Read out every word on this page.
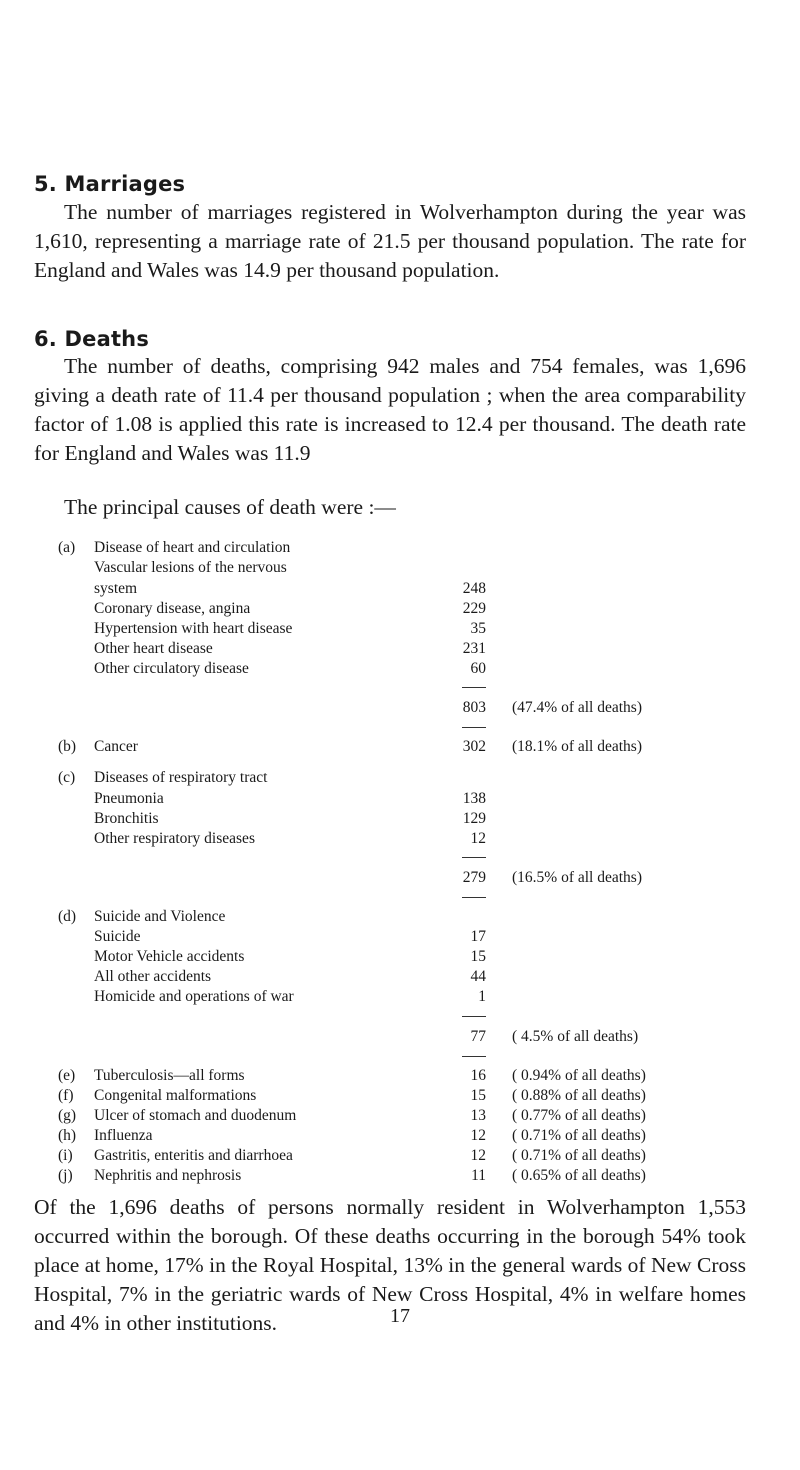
5. Marriages
The number of marriages registered in Wolverhampton during the year was 1,610, representing a marriage rate of 21.5 per thousand population. The rate for England and Wales was 14.9 per thousand population.
6. Deaths
The number of deaths, comprising 942 males and 754 females, was 1,696 giving a death rate of 11.4 per thousand population ; when the area comparability factor of 1.08 is applied this rate is increased to 12.4 per thousand. The death rate for England and Wales was 11.9
The principal causes of death were :—
(a) Disease of heart and circulation
Vascular lesions of the nervous
system	248
Coronary disease, angina	229
Hypertension with heart disease	35
Other heart disease	231
Other circulatory disease	60
803 (47.4% of all deaths)
(b) Cancer	302 (18.1% of all deaths)
(c) Diseases of respiratory tract
Pneumonia	138
Bronchitis	129
Other respiratory diseases	12
279 (16.5% of all deaths)
(d) Suicide and Violence
Suicide	17
Motor Vehicle accidents	15
All other accidents	44
Homicide and operations of war	1
77 ( 4.5% of all deaths)
(e) Tuberculosis—all forms	16 ( 0.94% of all deaths)
(f) Congenital malformations	15 ( 0.88% of all deaths)
(g) Ulcer of stomach and duodenum	13 ( 0.77% of all deaths)
(h) Influenza	12 ( 0.71% of all deaths)
(i) Gastritis, enteritis and diarrhoea	12 ( 0.71% of all deaths)
(j) Nephritis and nephrosis	11 ( 0.65% of all deaths)
Of the 1,696 deaths of persons normally resident in Wolverhampton 1,553 occurred within the borough. Of these deaths occurring in the borough 54% took place at home, 17% in the Royal Hospital, 13% in the general wards of New Cross Hospital, 7% in the geriatric wards of New Cross Hospital, 4% in welfare homes and 4% in other institutions.	17
